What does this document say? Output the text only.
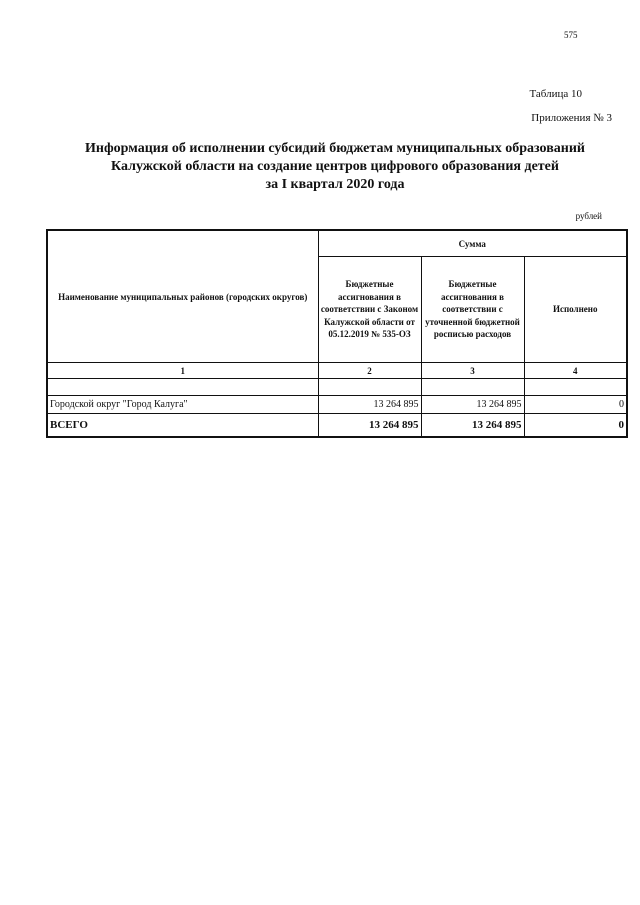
575
Таблица 10
Приложения № 3
Информация об исполнении субсидий бюджетам муниципальных образований
Калужской области на создание центров цифрового образования детей
за I квартал 2020 года
рублей
Наименование муниципальных районов (городских округов)	Сумма		
	Бюджетные ассигнования в соответствии с Законом Калужской области от 05.12.2019 № 535-ОЗ	Бюджетные ассигнования в соответствии с уточненной бюджетной росписью расходов	Исполнено
1	2	3	4

Городской округ "Город Калуга"	13 264 895	13 264 895	0
ВСЕГО	13 264 895	13 264 895	0
